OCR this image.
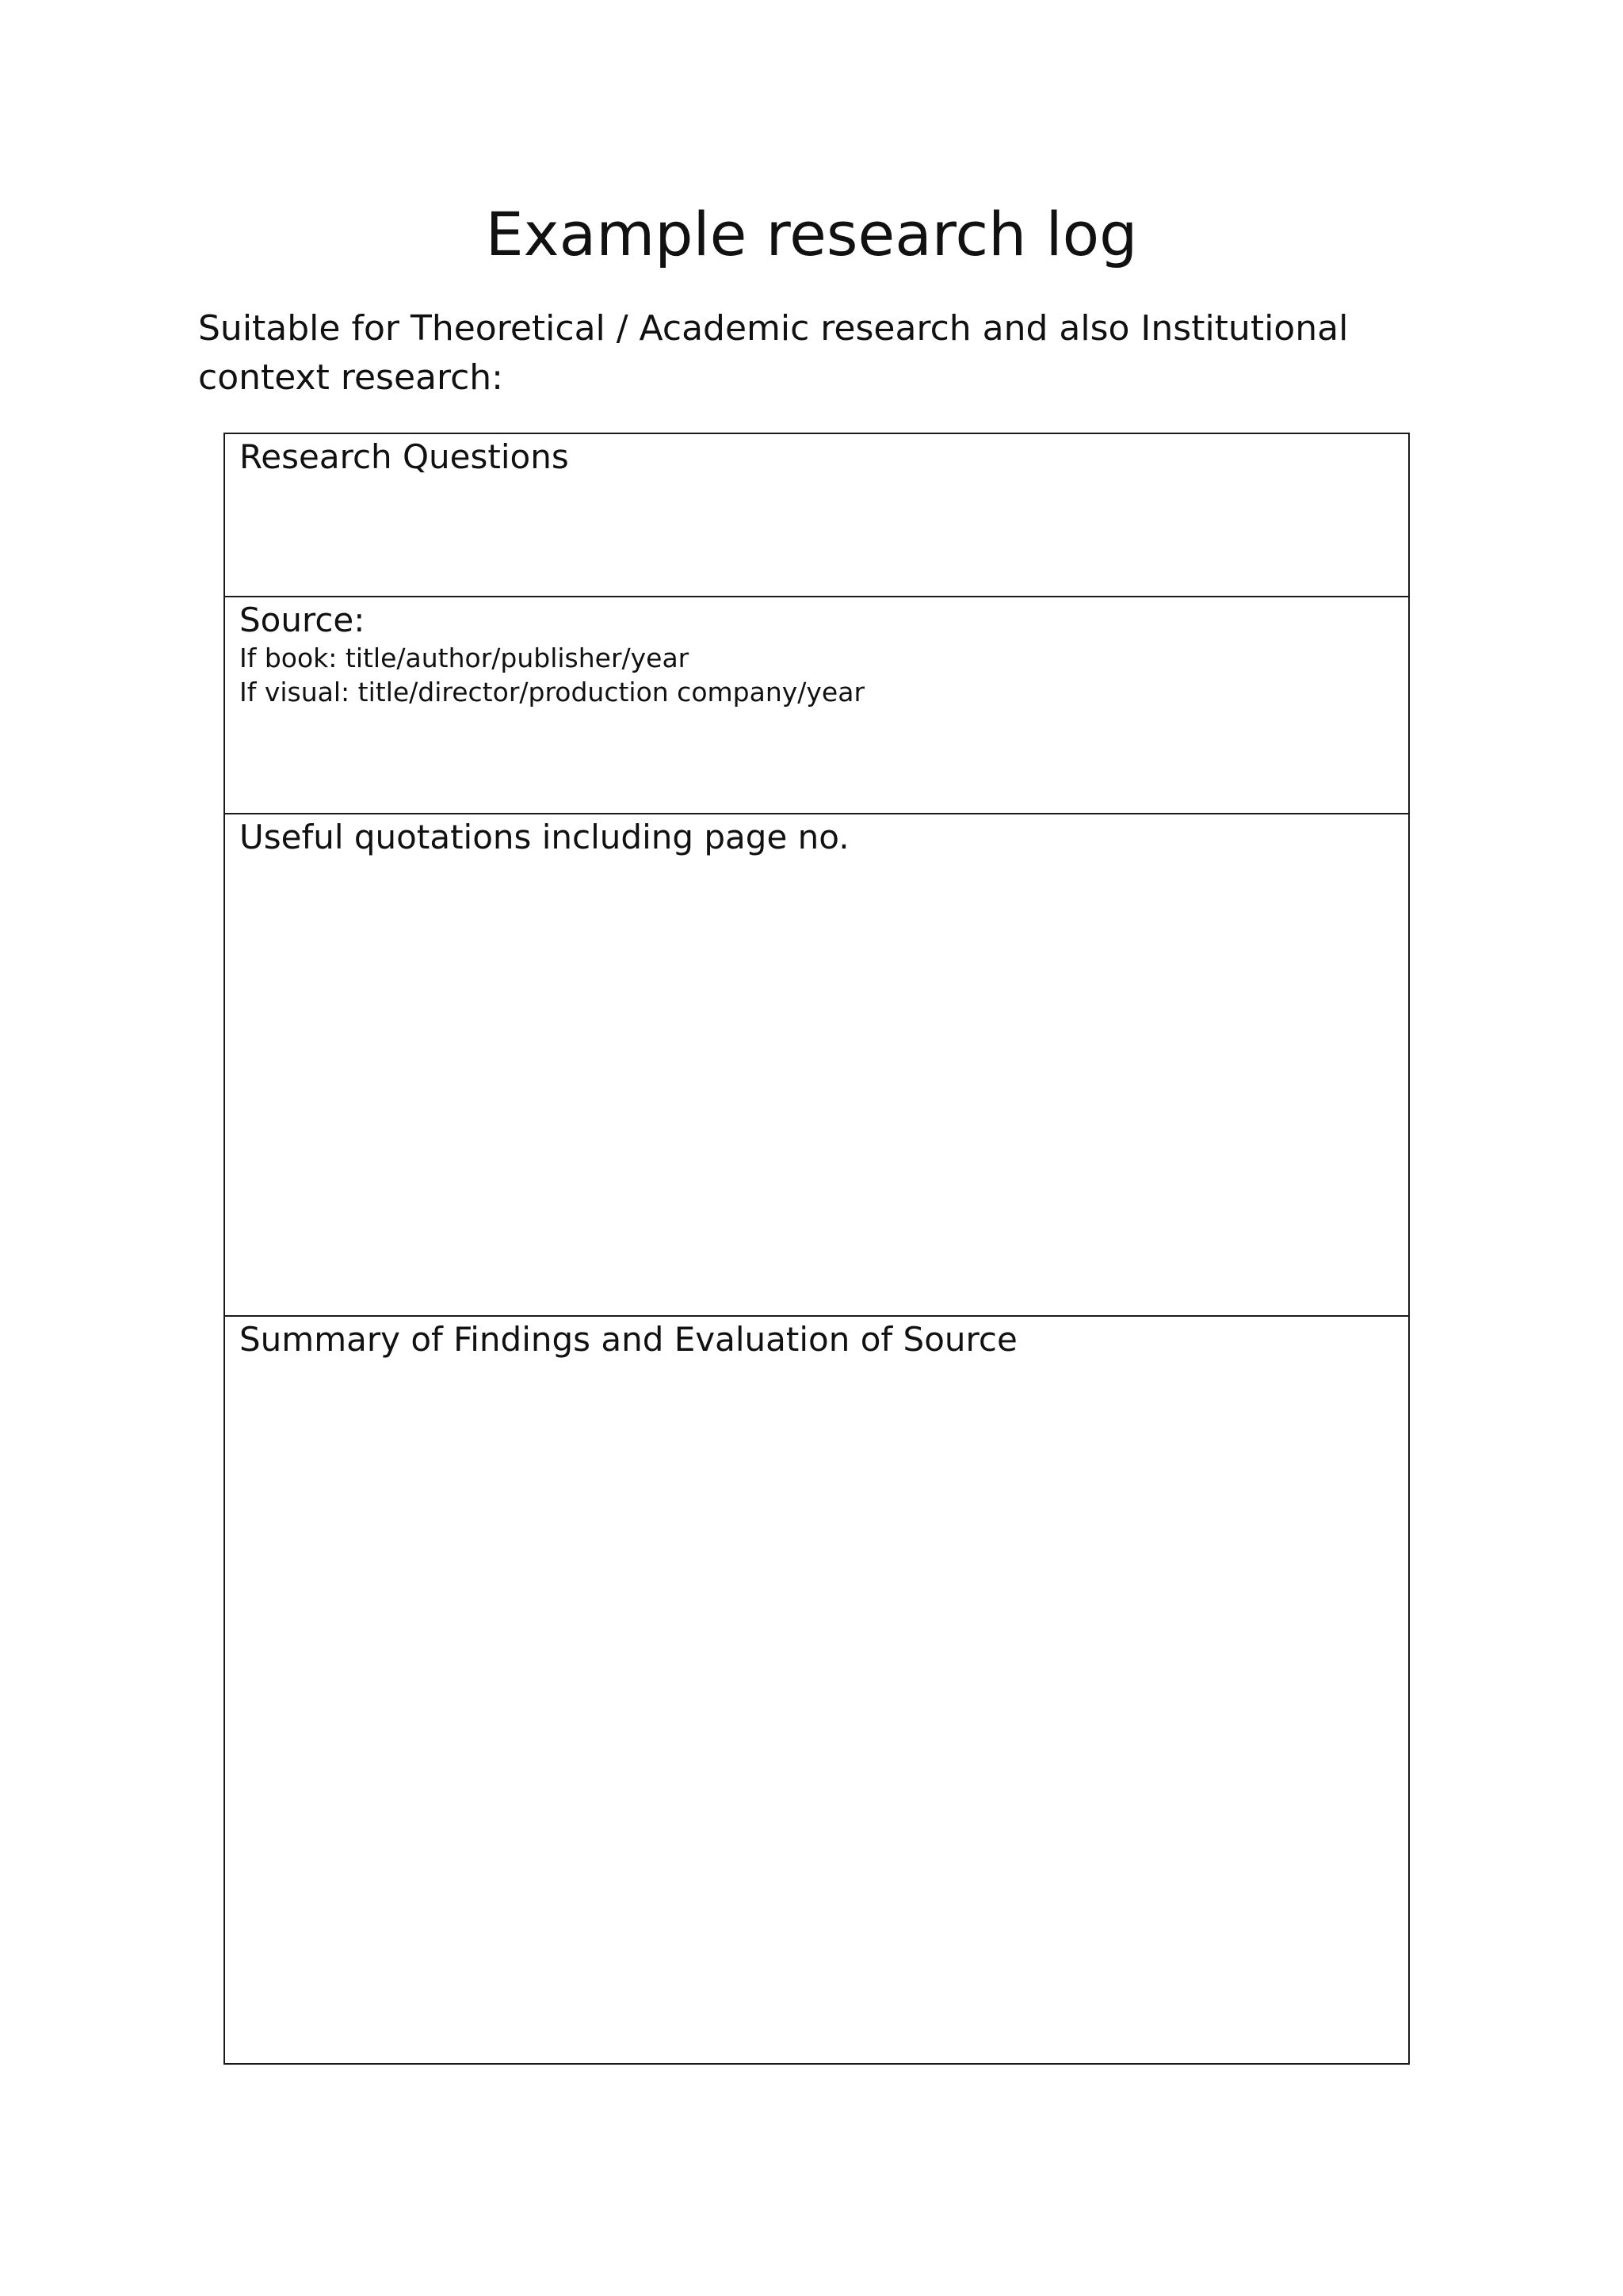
Example research log

Suitable for Theoretical / Academic research and also Institutional context research:

Research Questions
Source:
If book: title/author/publisher/year
If visual: title/director/production company/year
Useful quotations including page no.
Summary of Findings and Evaluation of Source
